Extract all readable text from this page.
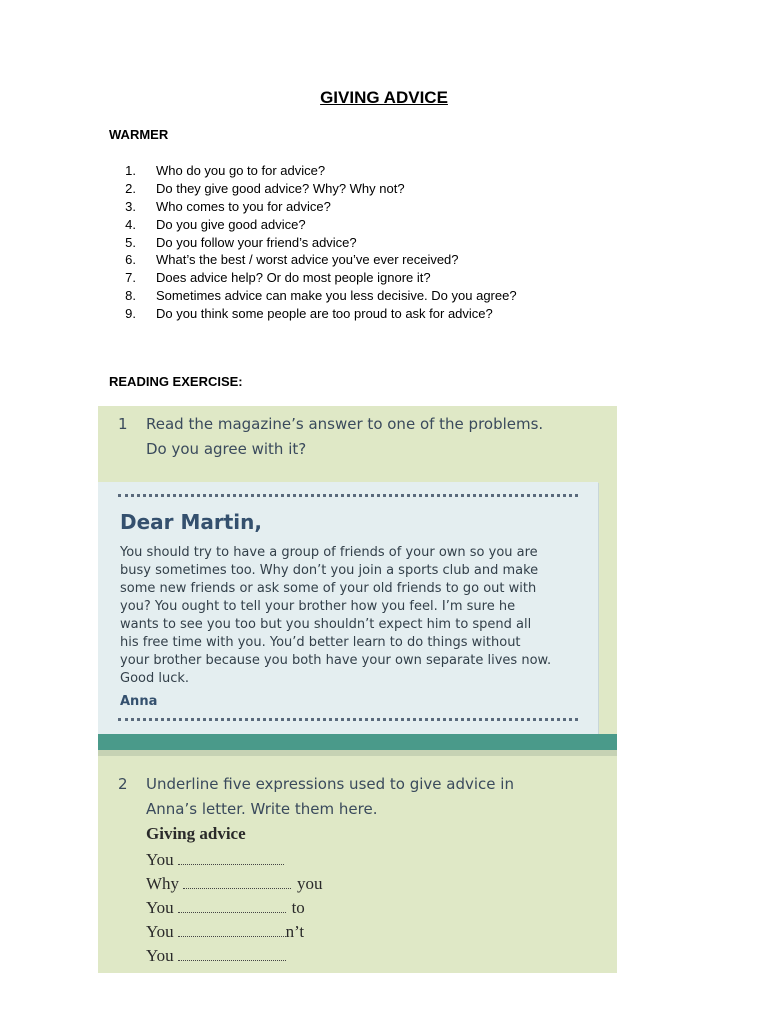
GIVING ADVICE
WARMER
1. Who do you go to for advice?
2. Do they give good advice? Why? Why not?
3. Who comes to you for advice?
4. Do you give good advice?
5. Do you follow your friend’s advice?
6. What’s the best / worst advice you’ve ever received?
7. Does advice help? Or do most people ignore it?
8. Sometimes advice can make you less decisive. Do you agree?
9. Do you think some people are too proud to ask for advice?
READING EXERCISE:
1 Read the magazine’s answer to one of the problems.
Do you agree with it?
Dear Martin,
You should try to have a group of friends of your own so you are
busy sometimes too. Why don’t you join a sports club and make
some new friends or ask some of your old friends to go out with
you? You ought to tell your brother how you feel. I’m sure he
wants to see you too but you shouldn’t expect him to spend all
his free time with you. You’d better learn to do things without
your brother because you both have your own separate lives now.
Good luck.
Anna
2 Underline five expressions used to give advice in
Anna’s letter. Write them here.
Giving advice
You
Why	you
You	to
You	n’t
You
